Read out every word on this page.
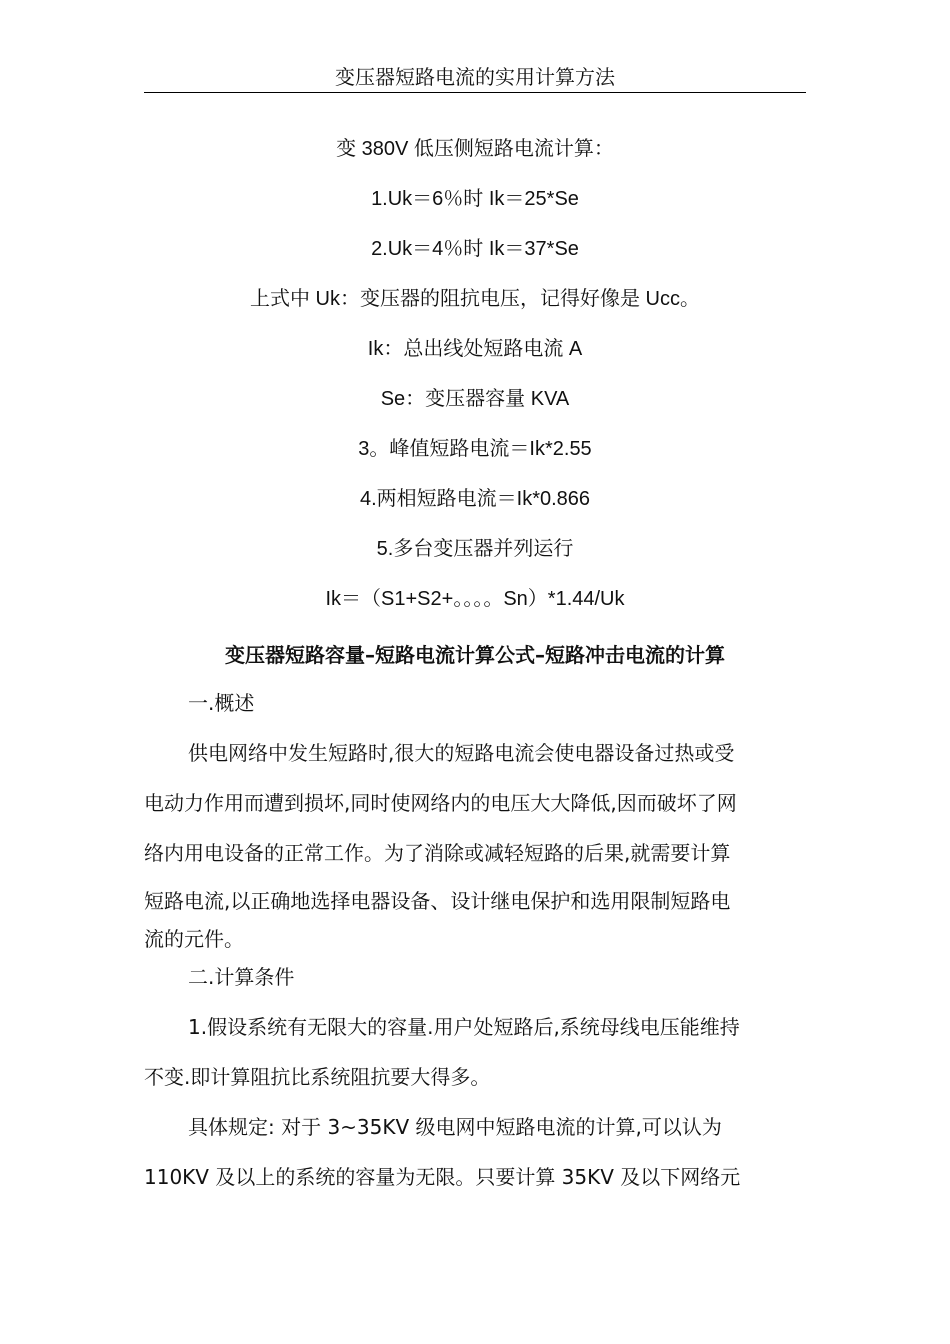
变压器短路电流的实用计算方法
变 380V 低压侧短路电流计算：
1.Uk＝6％时 Ik＝25*Se
2.Uk＝4％时 Ik＝37*Se
上式中 Uk：变压器的阻抗电压，记得好像是 Ucc。
Ik：总出线处短路电流 A
Se：变压器容量 KVA
3。峰值短路电流＝Ik*2.55
4.两相短路电流＝Ik*0.866
5.多台变压器并列运行
Ik＝（S1+S2+。。。。Sn）*1.44/Uk
变压器短路容量–短路电流计算公式–短路冲击电流的计算
一.概述
供电网络中发生短路时,很大的短路电流会使电器设备过热或受
电动力作用而遭到损坏,同时使网络内的电压大大降低,因而破坏了网
络内用电设备的正常工作。为了消除或减轻短路的后果,就需要计算
短路电流,以正确地选择电器设备、设计继电保护和选用限制短路电
流的元件。
二.计算条件
1.假设系统有无限大的容量.用户处短路后,系统母线电压能维持
不变.即计算阻抗比系统阻抗要大得多。
具体规定: 对于 3~35KV 级电网中短路电流的计算,可以认为
110KV 及以上的系统的容量为无限。只要计算 35KV 及以下网络元
